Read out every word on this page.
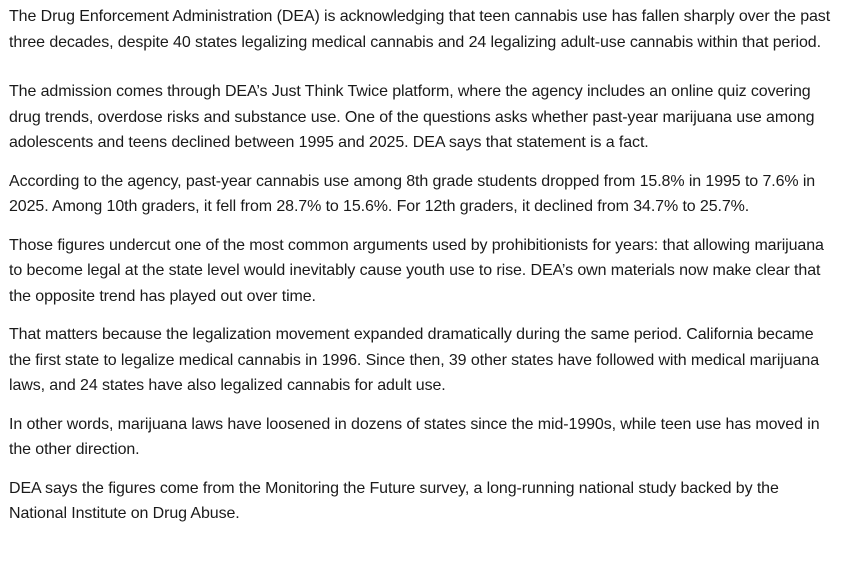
The Drug Enforcement Administration (DEA) is acknowledging that teen cannabis use has fallen sharply over the past three decades, despite 40 states legalizing medical cannabis and 24 legalizing adult-use cannabis within that period.

The admission comes through DEA’s Just Think Twice platform, where the agency includes an online quiz covering drug trends, overdose risks and substance use. One of the questions asks whether past-year marijuana use among adolescents and teens declined between 1995 and 2025. DEA says that statement is a fact.

According to the agency, past-year cannabis use among 8th grade students dropped from 15.8% in 1995 to 7.6% in 2025. Among 10th graders, it fell from 28.7% to 15.6%. For 12th graders, it declined from 34.7% to 25.7%.

Those figures undercut one of the most common arguments used by prohibitionists for years: that allowing marijuana to become legal at the state level would inevitably cause youth use to rise. DEA’s own materials now make clear that the opposite trend has played out over time.

That matters because the legalization movement expanded dramatically during the same period. California became the first state to legalize medical cannabis in 1996. Since then, 39 other states have followed with medical marijuana laws, and 24 states have also legalized cannabis for adult use.

In other words, marijuana laws have loosened in dozens of states since the mid-1990s, while teen use has moved in the other direction.

DEA says the figures come from the Monitoring the Future survey, a long-running national study backed by the National Institute on Drug Abuse.
